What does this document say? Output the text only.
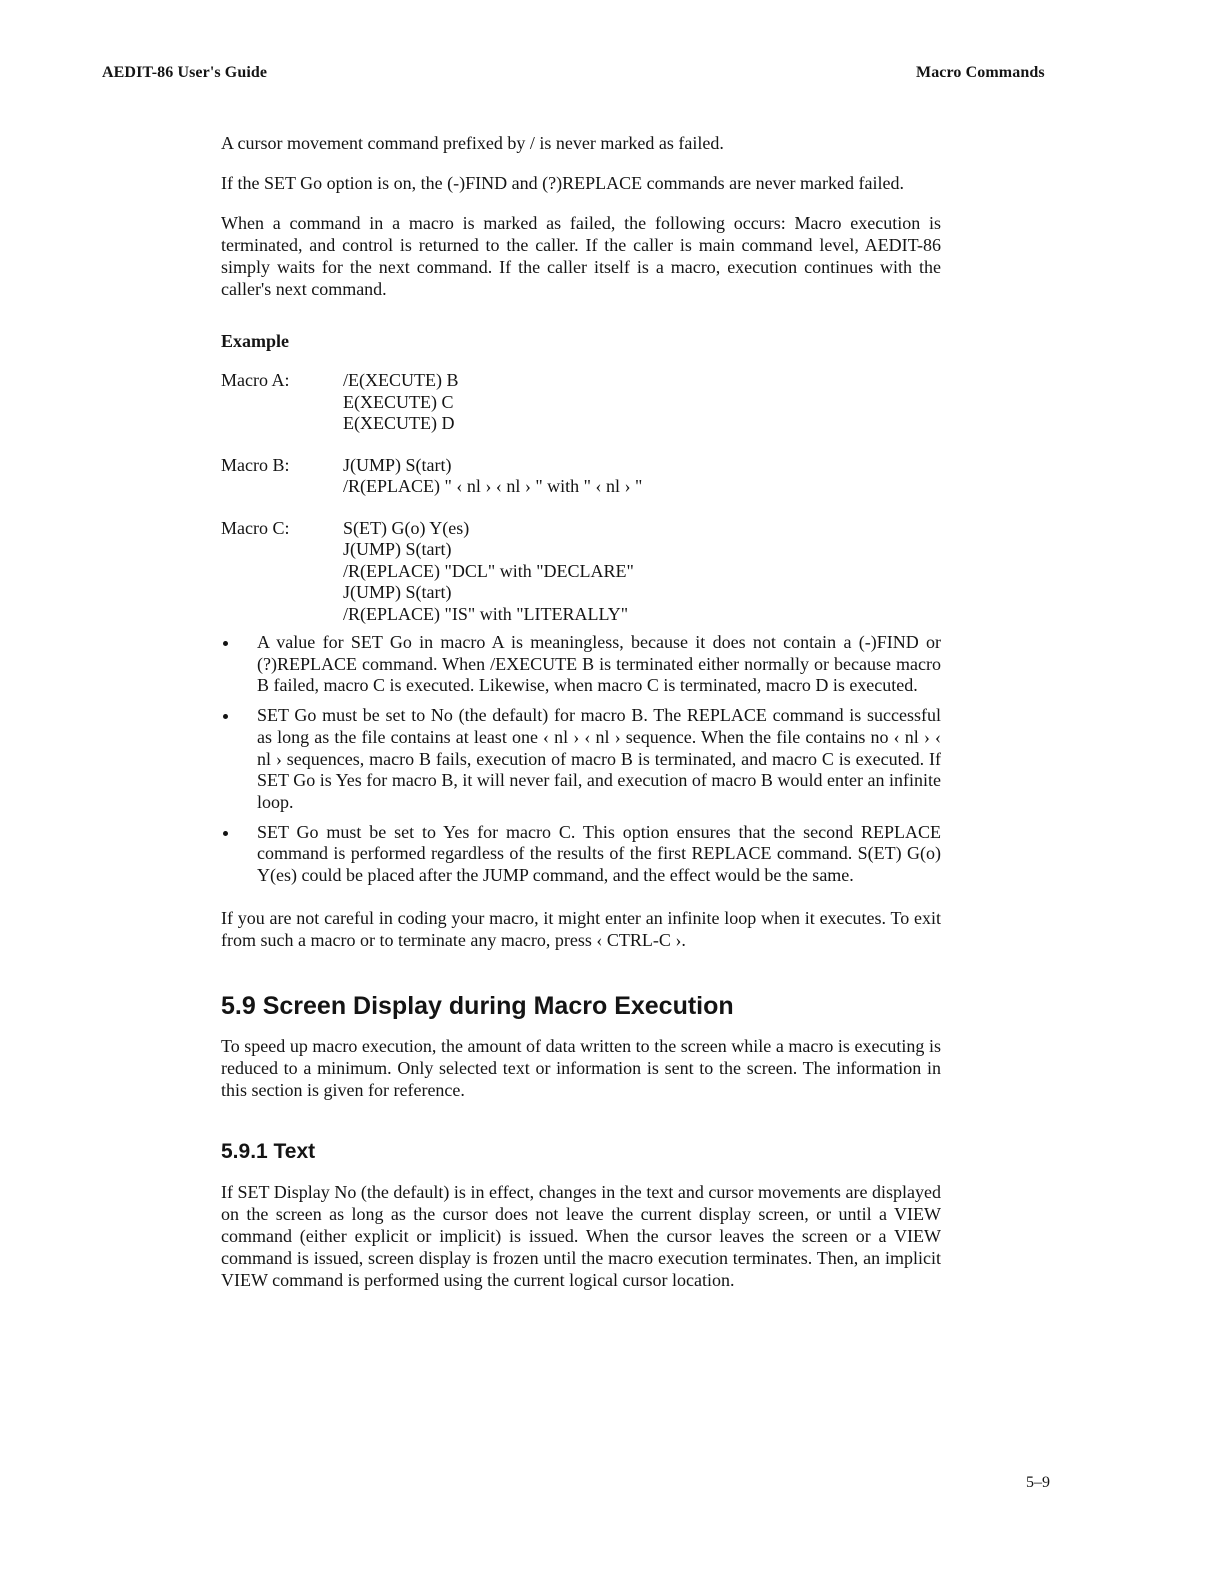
AEDIT-86 User's Guide	Macro Commands

A cursor movement command prefixed by / is never marked as failed.

If the SET Go option is on, the (-)FIND and (?)REPLACE commands are never marked failed.

When a command in a macro is marked as failed, the following occurs: Macro execution is terminated, and control is returned to the caller. If the caller is main command level, AEDIT-86 simply waits for the next command. If the caller itself is a macro, execution continues with the caller's next command.

Example
Macro A:	/E(XECUTE) B
E(XECUTE) C
E(XECUTE) D
Macro B:	J(UMP) S(tart)
/R(EPLACE) " ‹ nl › ‹ nl › " with " ‹ nl › "
Macro C:	S(ET) G(o) Y(es)
J(UMP) S(tart)
/R(EPLACE) "DCL" with "DECLARE"
J(UMP) S(tart)
/R(EPLACE) "IS" with "LITERALLY"
A value for SET Go in macro A is meaningless, because it does not contain a (-)FIND or (?)REPLACE command. When /EXECUTE B is terminated either normally or because macro B failed, macro C is executed. Likewise, when macro C is terminated, macro D is executed.
SET Go must be set to No (the default) for macro B. The REPLACE command is successful as long as the file contains at least one ‹ nl › ‹ nl › sequence. When the file contains no ‹ nl › ‹ nl › sequences, macro B fails, execution of macro B is terminated, and macro C is executed. If SET Go is Yes for macro B, it will never fail, and execution of macro B would enter an infinite loop.
SET Go must be set to Yes for macro C. This option ensures that the second REPLACE command is performed regardless of the results of the first REPLACE command. S(ET) G(o) Y(es) could be placed after the JUMP command, and the effect would be the same.

If you are not careful in coding your macro, it might enter an infinite loop when it executes. To exit from such a macro or to terminate any macro, press ‹ CTRL-C ›.

5.9 Screen Display during Macro Execution

To speed up macro execution, the amount of data written to the screen while a macro is executing is reduced to a minimum. Only selected text or information is sent to the screen. The information in this section is given for reference.

5.9.1 Text

If SET Display No (the default) is in effect, changes in the text and cursor movements are displayed on the screen as long as the cursor does not leave the current display screen, or until a VIEW command (either explicit or implicit) is issued. When the cursor leaves the screen or a VIEW command is issued, screen display is frozen until the macro execution terminates. Then, an implicit VIEW command is performed using the current logical cursor location.

5–9
